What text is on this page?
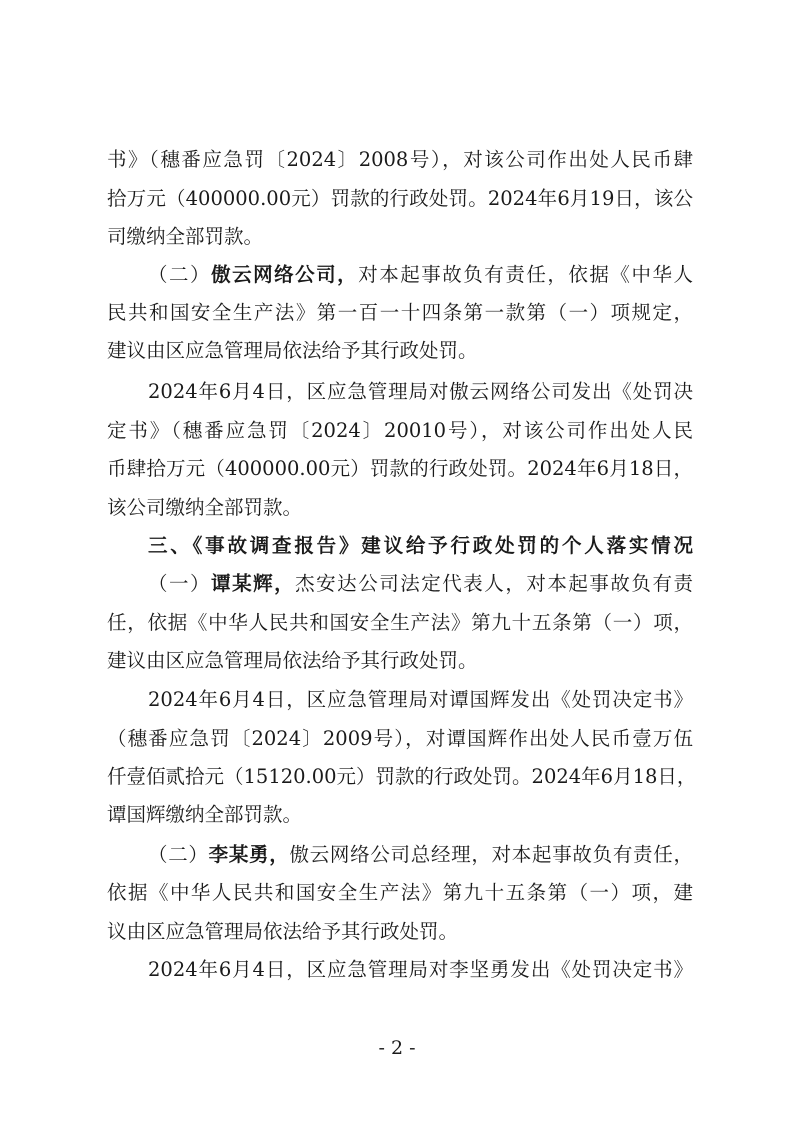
书》（穗番应急罚〔2024〕2008号），对该公司作出处人民币肆
拾万元（400000.00元）罚款的行政处罚。2024年6月19日，该公
司缴纳全部罚款。
（二）傲云网络公司，对本起事故负有责任，依据《中华人
民共和国安全生产法》第一百一十四条第一款第（一）项规定，
建议由区应急管理局依法给予其行政处罚。
2024年6月4日，区应急管理局对傲云网络公司发出《处罚决
定书》（穗番应急罚〔2024〕20010号），对该公司作出处人民
币肆拾万元（400000.00元）罚款的行政处罚。2024年6月18日，
该公司缴纳全部罚款。
三、《事故调查报告》建议给予行政处罚的个人落实情况
（一）谭某辉，杰安达公司法定代表人，对本起事故负有责
任，依据《中华人民共和国安全生产法》第九十五条第（一）项，
建议由区应急管理局依法给予其行政处罚。
2024年6月4日，区应急管理局对谭国辉发出《处罚决定书》
（穗番应急罚〔2024〕2009号），对谭国辉作出处人民币壹万伍
仟壹佰贰拾元（15120.00元）罚款的行政处罚。2024年6月18日，
谭国辉缴纳全部罚款。
（二）李某勇，傲云网络公司总经理，对本起事故负有责任，
依据《中华人民共和国安全生产法》第九十五条第（一）项，建
议由区应急管理局依法给予其行政处罚。
2024年6月4日，区应急管理局对李坚勇发出《处罚决定书》
- 2 -
